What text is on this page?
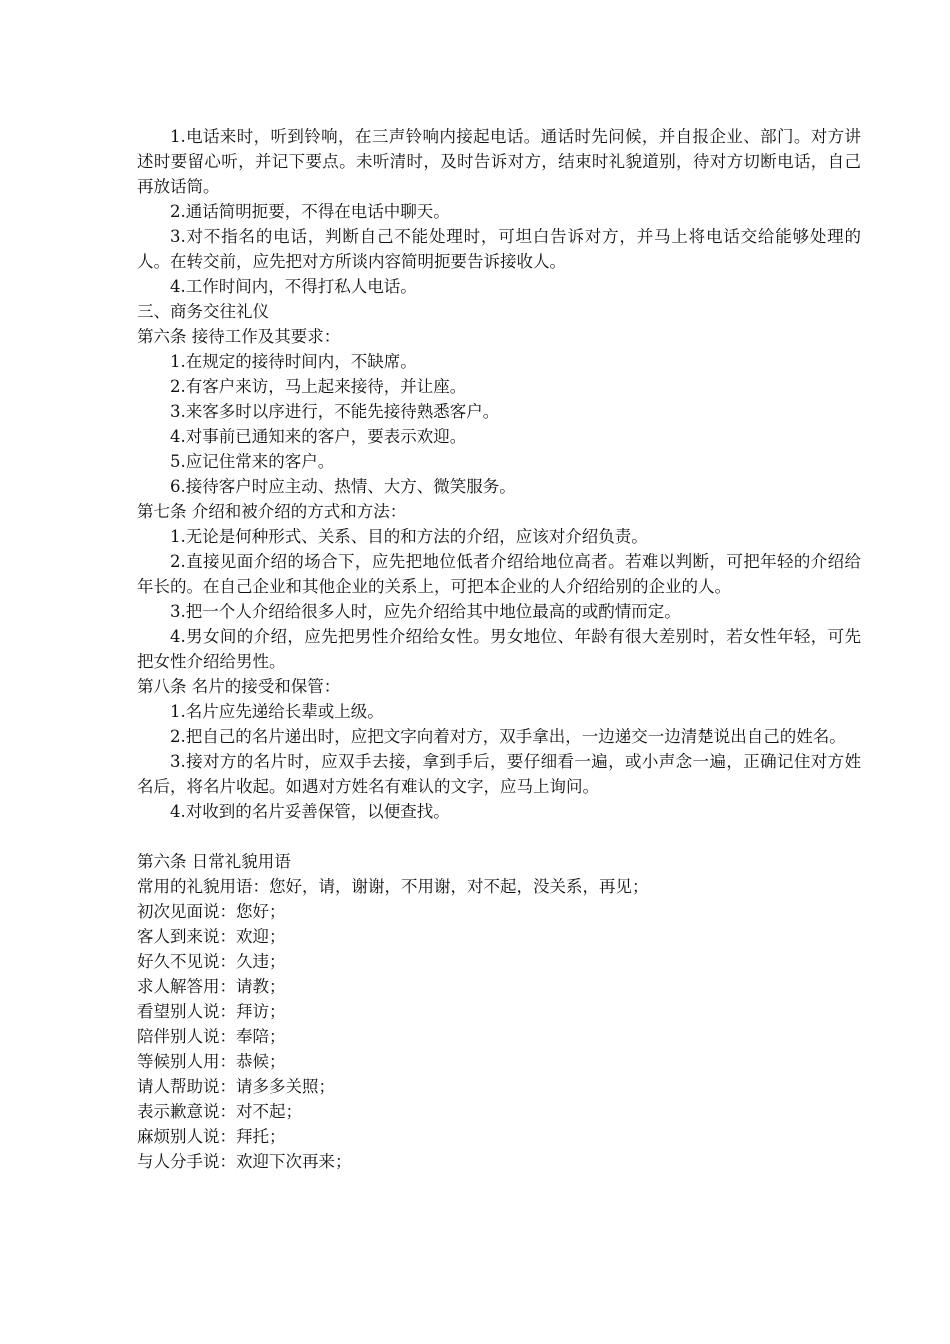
1.电话来时，听到铃响，在三声铃响内接起电话。通话时先问候，并自报企业、部门。对方讲述时要留心听，并记下要点。未听清时，及时告诉对方，结束时礼貌道别，待对方切断电话，自己再放话筒。

2.通话简明扼要，不得在电话中聊天。

3.对不指名的电话，判断自己不能处理时，可坦白告诉对方，并马上将电话交给能够处理的人。在转交前，应先把对方所谈内容简明扼要告诉接收人。

4.工作时间内，不得打私人电话。

三、商务交往礼仪

第六条 接待工作及其要求：

1.在规定的接待时间内，不缺席。

2.有客户来访，马上起来接待，并让座。

3.来客多时以序进行，不能先接待熟悉客户。

4.对事前已通知来的客户，要表示欢迎。

5.应记住常来的客户。

6.接待客户时应主动、热情、大方、微笑服务。

第七条 介绍和被介绍的方式和方法：

1.无论是何种形式、关系、目的和方法的介绍，应该对介绍负责。

2.直接见面介绍的场合下，应先把地位低者介绍给地位高者。若难以判断，可把年轻的介绍给年长的。在自己企业和其他企业的关系上，可把本企业的人介绍给别的企业的人。

3.把一个人介绍给很多人时，应先介绍给其中地位最高的或酌情而定。

4.男女间的介绍，应先把男性介绍给女性。男女地位、年龄有很大差别时，若女性年轻，可先把女性介绍给男性。

第八条 名片的接受和保管：

1.名片应先递给长辈或上级。

2.把自己的名片递出时，应把文字向着对方，双手拿出，一边递交一边清楚说出自己的姓名。

3.接对方的名片时，应双手去接，拿到手后，要仔细看一遍，或小声念一遍，正确记住对方姓名后，将名片收起。如遇对方姓名有难认的文字，应马上询问。

4.对收到的名片妥善保管，以便查找。

第六条 日常礼貌用语

常用的礼貌用语：您好，请，谢谢，不用谢，对不起，没关系，再见；

初次见面说：您好；

客人到来说：欢迎；

好久不见说：久违；

求人解答用：请教；

看望别人说：拜访；

陪伴别人说：奉陪；

等候别人用：恭候；

请人帮助说：请多多关照；

表示歉意说：对不起；

麻烦别人说：拜托；

与人分手说：欢迎下次再来；
